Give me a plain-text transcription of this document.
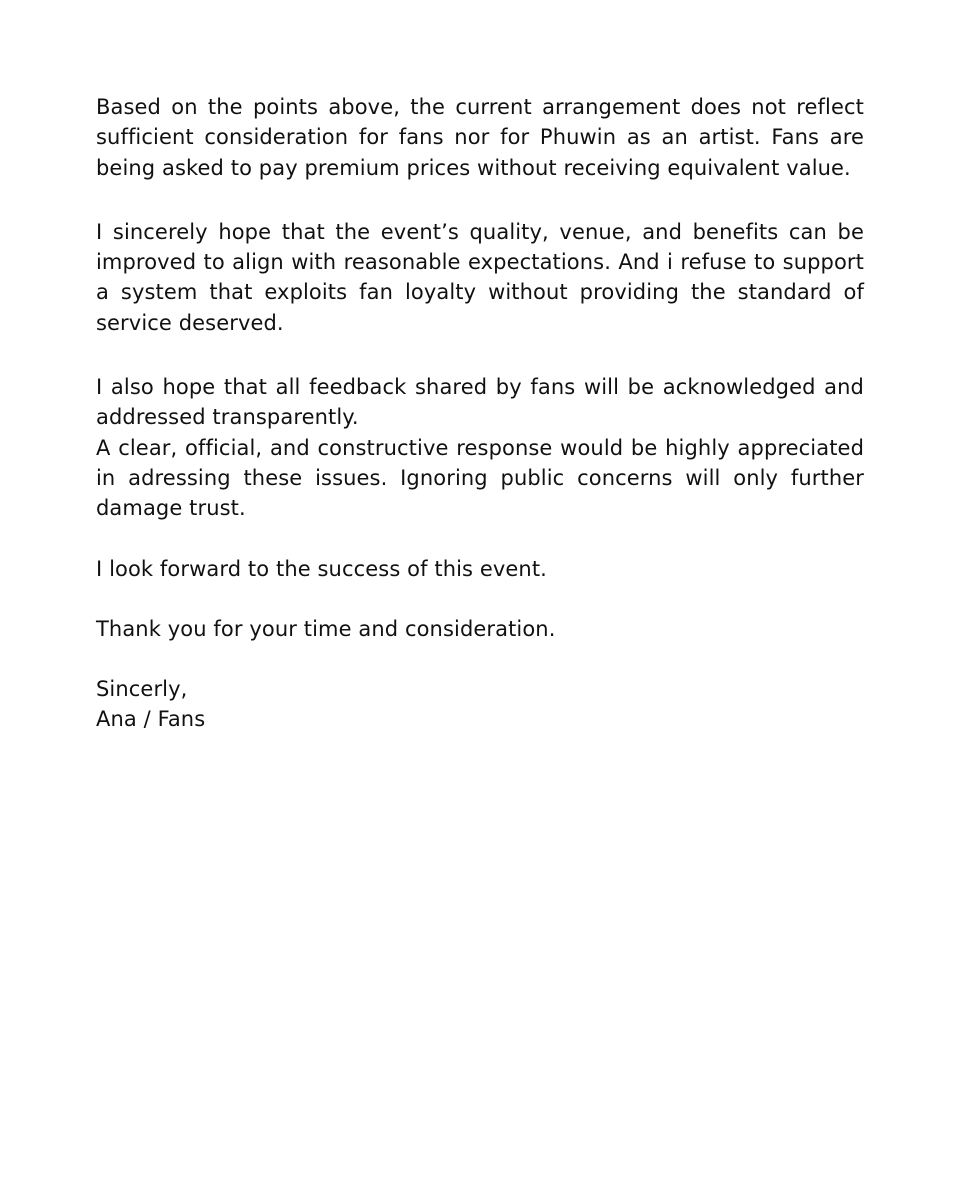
Based on the points above, the current arrangement does not reflect sufficient consideration for fans nor for Phuwin as an artist. Fans are being asked to pay premium prices without receiving equivalent value.

I sincerely hope that the event’s quality, venue, and benefits can be improved to align with reasonable expectations. And i refuse to support a system that exploits fan loyalty without providing the standard of service deserved.

I also hope that all feedback shared by fans will be acknowledged and addressed transparently.

A clear, official, and constructive response would be highly appreciated in adressing these issues. Ignoring public concerns will only further damage trust.

I look forward to the success of this event.

Thank you for your time and consideration.

Sincerly,

Ana / Fans
